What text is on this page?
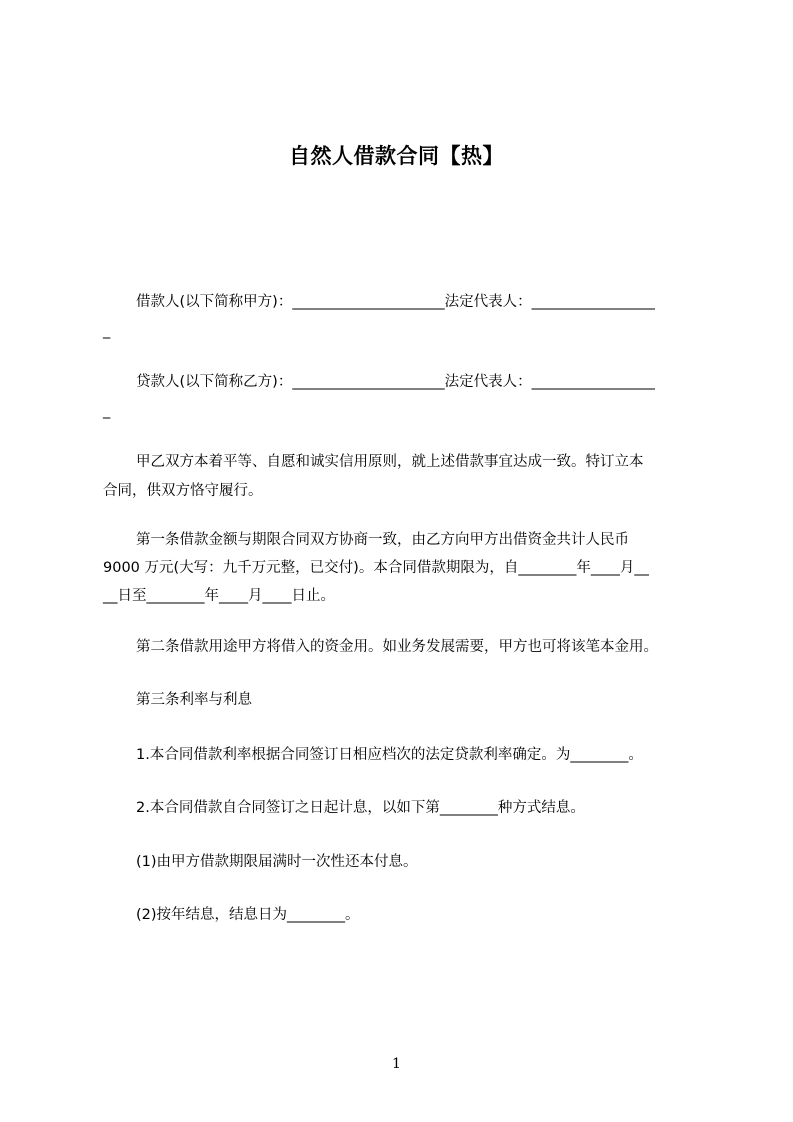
自然人借款合同【热】
借款人(以下简称甲方)：_____________________法定代表人：_________________
_
贷款人(以下简称乙方)：_____________________法定代表人：_________________
_
甲乙双方本着平等、自愿和诚实信用原则，就上述借款事宜达成一致。特订立本
合同，供双方恪守履行。
第一条借款金额与期限合同双方协商一致，由乙方向甲方出借资金共计人民币
9000 万元(大写：九千万元整，已交付)。本合同借款期限为，自________年____月__
__日至________年____月____日止。
第二条借款用途甲方将借入的资金用。如业务发展需要，甲方也可将该笔本金用。
第三条利率与利息
1.本合同借款利率根据合同签订日相应档次的法定贷款利率确定。为________。
2.本合同借款自合同签订之日起计息，以如下第________种方式结息。
(1)由甲方借款期限届满时一次性还本付息。
(2)按年结息，结息日为________。
1
